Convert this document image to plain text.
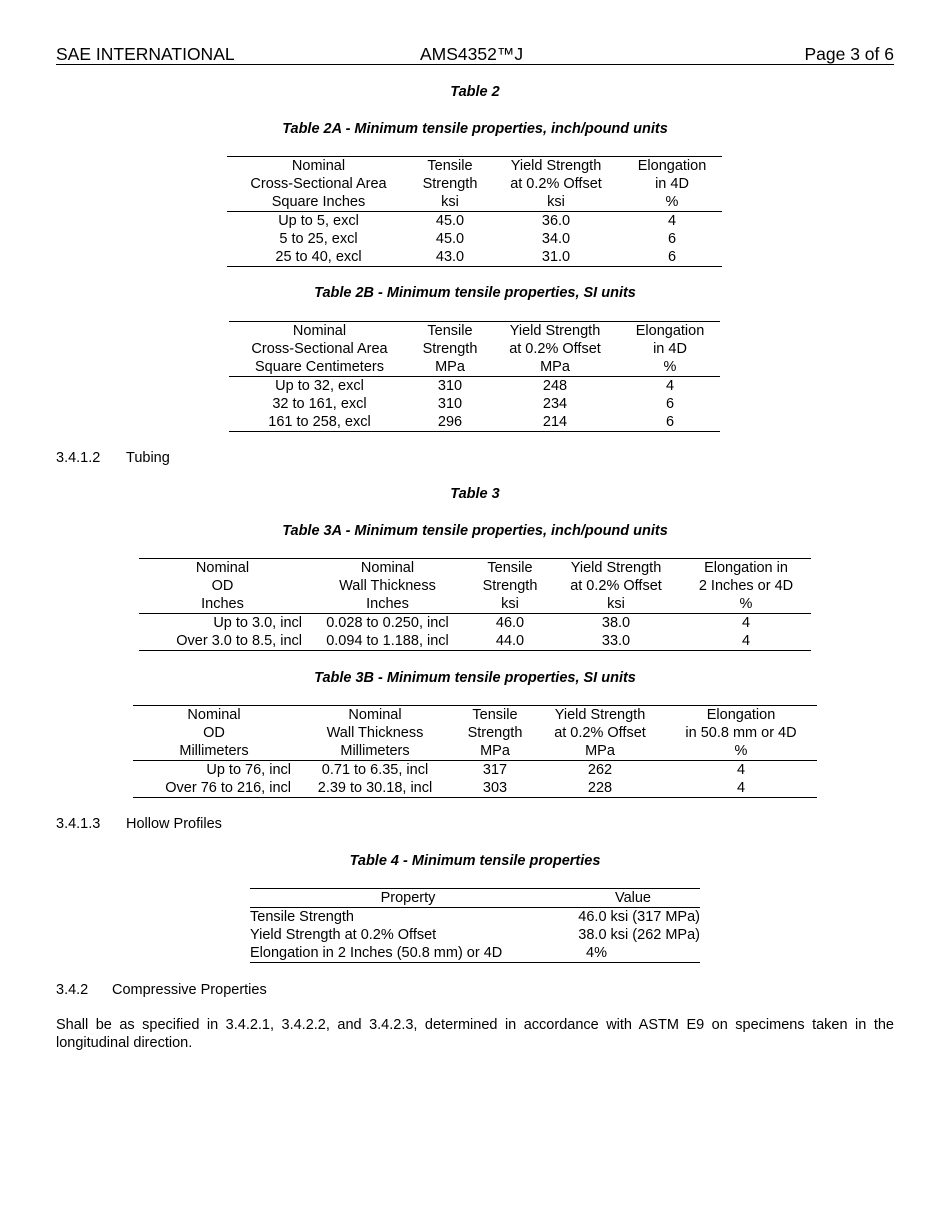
SAE INTERNATIONAL	AMS4352™J	Page 3 of 6
Table 2
Table 2A - Minimum tensile properties, inch/pound units
Nominal	Tensile	Yield Strength	Elongation
Cross-Sectional Area	Strength	at 0.2% Offset	in 4D
Square Inches	ksi	ksi	%
Up to 5, excl	45.0	36.0	4
5 to 25, excl	45.0	34.0	6
25 to 40, excl	43.0	31.0	6
Table 2B - Minimum tensile properties, SI units
Nominal	Tensile	Yield Strength	Elongation
Cross-Sectional Area	Strength	at 0.2% Offset	in 4D
Square Centimeters	MPa	MPa	%
Up to 32, excl	310	248	4
32 to 161, excl	310	234	6
161 to 258, excl	296	214	6
3.4.1.2 Tubing
Table 3
Table 3A - Minimum tensile properties, inch/pound units
Nominal	Nominal	Tensile	Yield Strength	Elongation in
OD	Wall Thickness	Strength	at 0.2% Offset	2 Inches or 4D
Inches	Inches	ksi	ksi	%
Up to 3.0, incl	0.028 to 0.250, incl	46.0	38.0	4
Over 3.0 to 8.5, incl	0.094 to 1.188, incl	44.0	33.0	4
Table 3B - Minimum tensile properties, SI units
Nominal	Nominal	Tensile	Yield Strength	Elongation
OD	Wall Thickness	Strength	at 0.2% Offset	in 50.8 mm or 4D
Millimeters	Millimeters	MPa	MPa	%
Up to 76, incl	0.71 to 6.35, incl	317	262	4
Over 76 to 216, incl	2.39 to 30.18, incl	303	228	4
3.4.1.3 Hollow Profiles
Table 4 - Minimum tensile properties
Property	Value
Tensile Strength	46.0 ksi (317 MPa)
Yield Strength at 0.2% Offset	38.0 ksi (262 MPa)
Elongation in 2 Inches (50.8 mm) or 4D	4%
3.4.2 Compressive Properties
Shall be as specified in 3.4.2.1, 3.4.2.2, and 3.4.2.3, determined in accordance with ASTM E9 on specimens taken in the longitudinal direction.
